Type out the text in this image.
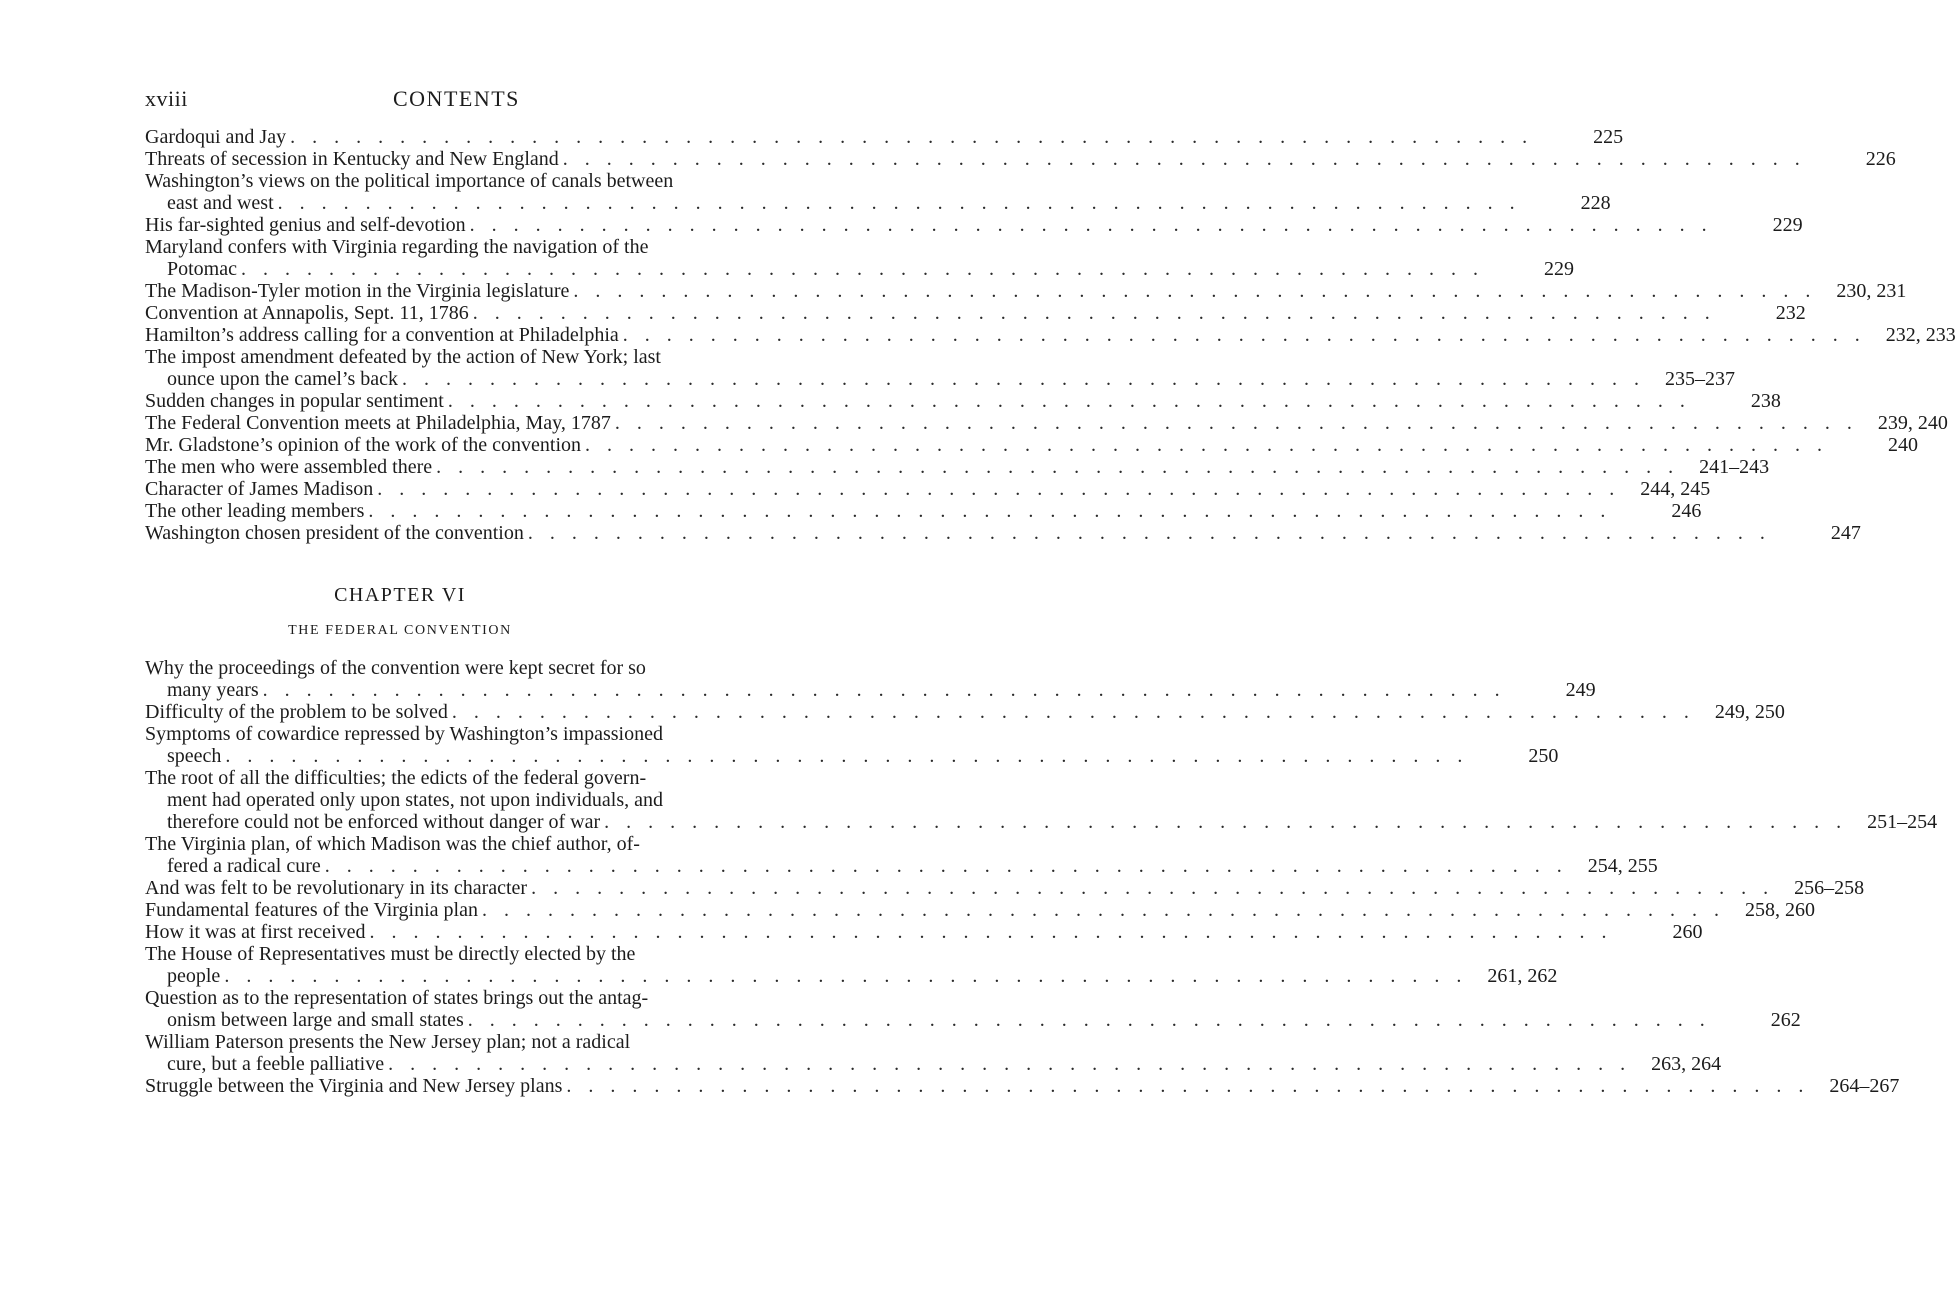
xviii	CONTENTS
Gardoqui and Jay . . . . . . . . . . . . . . . . . . . . . . . . . . . . . . . . . . . . . . . . . . . . . . . . . . . . . . . . .	225
Threats of secession in Kentucky and New England . . . . . . . . . . . . . . . . . . . . . . . . . . . . . . . . . . . . . . . . . . . . . . . . . . . . . . . . .	226
Washington’s views on the political importance of canals between
east and west . . . . . . . . . . . . . . . . . . . . . . . . . . . . . . . . . . . . . . . . . . . . . . . . . . . . . . . . .	228
His far-sighted genius and self-devotion . . . . . . . . . . . . . . . . . . . . . . . . . . . . . . . . . . . . . . . . . . . . . . . . . . . . . . . . .	229
Maryland confers with Virginia regarding the navigation of the
Potomac . . . . . . . . . . . . . . . . . . . . . . . . . . . . . . . . . . . . . . . . . . . . . . . . . . . . . . . . .	229
The Madison-Tyler motion in the Virginia legislature . . . . . . . . . . . . . . . . . . . . . . . . . . . . . . . . . . . . . . . . . . . . . . . . . . . . . . . . .	230, 231
Convention at Annapolis, Sept. 11, 1786 . . . . . . . . . . . . . . . . . . . . . . . . . . . . . . . . . . . . . . . . . . . . . . . . . . . . . . . . .	232
Hamilton’s address calling for a convention at Philadelphia . . . . . . . . . . . . . . . . . . . . . . . . . . . . . . . . . . . . . . . . . . . . . . . . . . . . . . . . .	232, 233
The impost amendment defeated by the action of New York; last
ounce upon the camel’s back . . . . . . . . . . . . . . . . . . . . . . . . . . . . . . . . . . . . . . . . . . . . . . . . . . . . . . . . .	235–237
Sudden changes in popular sentiment . . . . . . . . . . . . . . . . . . . . . . . . . . . . . . . . . . . . . . . . . . . . . . . . . . . . . . . . .	238
The Federal Convention meets at Philadelphia, May, 1787 . . . . . . . . . . . . . . . . . . . . . . . . . . . . . . . . . . . . . . . . . . . . . . . . . . . . . . . . .	239, 240
Mr. Gladstone’s opinion of the work of the convention . . . . . . . . . . . . . . . . . . . . . . . . . . . . . . . . . . . . . . . . . . . . . . . . . . . . . . . . .	240
The men who were assembled there . . . . . . . . . . . . . . . . . . . . . . . . . . . . . . . . . . . . . . . . . . . . . . . . . . . . . . . . .	241–243
Character of James Madison . . . . . . . . . . . . . . . . . . . . . . . . . . . . . . . . . . . . . . . . . . . . . . . . . . . . . . . . .	244, 245
The other leading members . . . . . . . . . . . . . . . . . . . . . . . . . . . . . . . . . . . . . . . . . . . . . . . . . . . . . . . . .	246
Washington chosen president of the convention . . . . . . . . . . . . . . . . . . . . . . . . . . . . . . . . . . . . . . . . . . . . . . . . . . . . . . . . .	247
CHAPTER VI
THE FEDERAL CONVENTION
Why the proceedings of the convention were kept secret for so
many years . . . . . . . . . . . . . . . . . . . . . . . . . . . . . . . . . . . . . . . . . . . . . . . . . . . . . . . . .	249
Difficulty of the problem to be solved . . . . . . . . . . . . . . . . . . . . . . . . . . . . . . . . . . . . . . . . . . . . . . . . . . . . . . . . .	249, 250
Symptoms of cowardice repressed by Washington’s impassioned
speech . . . . . . . . . . . . . . . . . . . . . . . . . . . . . . . . . . . . . . . . . . . . . . . . . . . . . . . . .	250
The root of all the difficulties; the edicts of the federal govern-
ment had operated only upon states, not upon individuals, and
therefore could not be enforced without danger of war . . . . . . . . . . . . . . . . . . . . . . . . . . . . . . . . . . . . . . . . . . . . . . . . . . . . . . . . .	251–254
The Virginia plan, of which Madison was the chief author, of-
fered a radical cure . . . . . . . . . . . . . . . . . . . . . . . . . . . . . . . . . . . . . . . . . . . . . . . . . . . . . . . . .	254, 255
And was felt to be revolutionary in its character . . . . . . . . . . . . . . . . . . . . . . . . . . . . . . . . . . . . . . . . . . . . . . . . . . . . . . . . .	256–258
Fundamental features of the Virginia plan . . . . . . . . . . . . . . . . . . . . . . . . . . . . . . . . . . . . . . . . . . . . . . . . . . . . . . . . .	258, 260
How it was at first received . . . . . . . . . . . . . . . . . . . . . . . . . . . . . . . . . . . . . . . . . . . . . . . . . . . . . . . . .	260
The House of Representatives must be directly elected by the
people . . . . . . . . . . . . . . . . . . . . . . . . . . . . . . . . . . . . . . . . . . . . . . . . . . . . . . . . .	261, 262
Question as to the representation of states brings out the antag-
onism between large and small states . . . . . . . . . . . . . . . . . . . . . . . . . . . . . . . . . . . . . . . . . . . . . . . . . . . . . . . . .	262
William Paterson presents the New Jersey plan; not a radical
cure, but a feeble palliative . . . . . . . . . . . . . . . . . . . . . . . . . . . . . . . . . . . . . . . . . . . . . . . . . . . . . . . . .	263, 264
Struggle between the Virginia and New Jersey plans . . . . . . . . . . . . . . . . . . . . . . . . . . . . . . . . . . . . . . . . . . . . . . . . . . . . . . . . .	264–267
